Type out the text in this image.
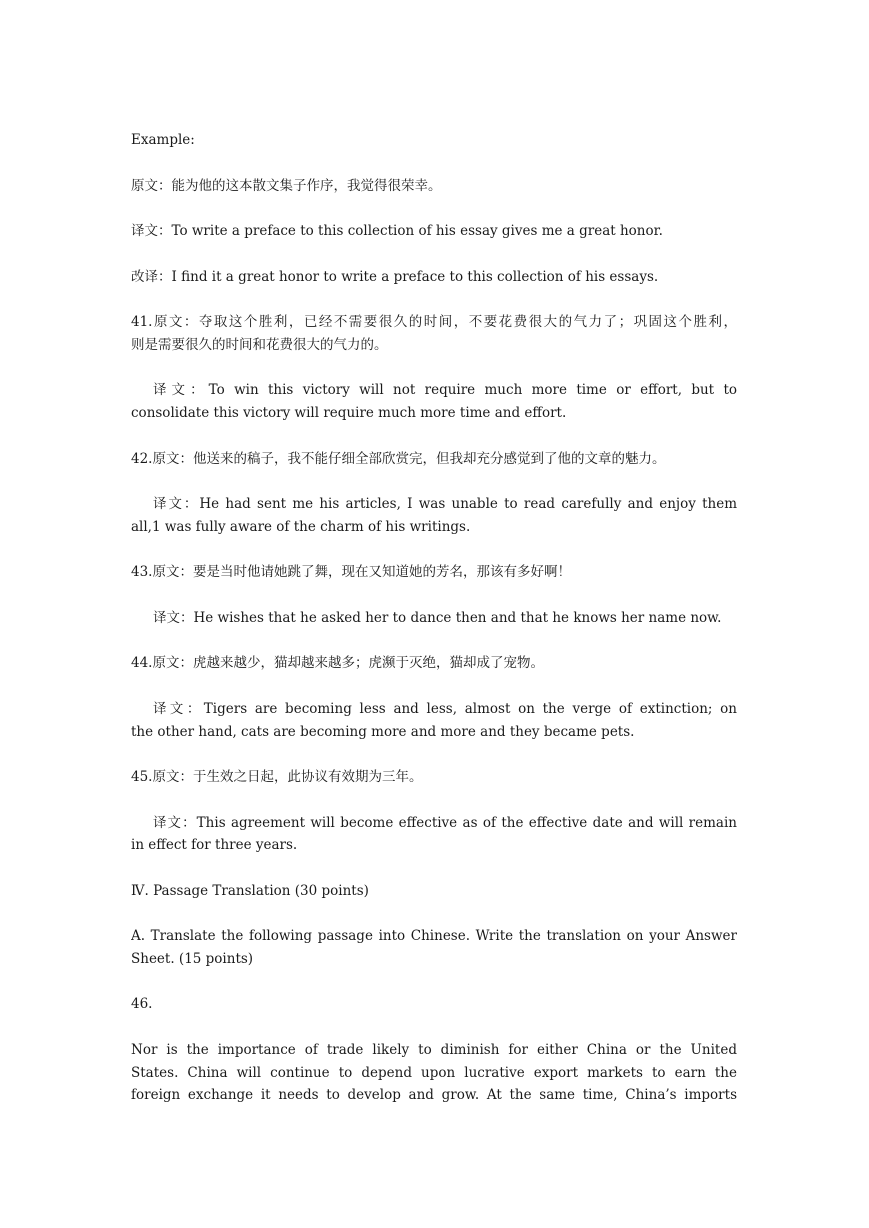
Example:
原文：能为他的这本散文集子作序，我觉得很荣幸。
译文：To write a preface to this collection of his essay gives me a great honor.
改译：I find it a great honor to write a preface to this collection of his essays.
41.原文：夺取这个胜利，已经不需要很久的时间，不要花费很大的气力了；巩固这个胜利，
则是需要很久的时间和花费很大的气力的。
译文：To win this victory will not require much more time or effort, but to
consolidate this victory will require much more time and effort.
42.原文：他送来的稿子，我不能仔细全部欣赏完，但我却充分感觉到了他的文章的魅力。
译文：He had sent me his articles, I was unable to read carefully and enjoy them
all,1 was fully aware of the charm of his writings.
43.原文：要是当时他请她跳了舞，现在又知道她的芳名，那该有多好啊！
译文：He wishes that he asked her to dance then and that he knows her name now.
44.原文：虎越来越少，猫却越来越多；虎濒于灭绝，猫却成了宠物。
译文：Tigers are becoming less and less, almost on the verge of extinction; on
the other hand, cats are becoming more and more and they became pets.
45.原文：于生效之日起，此协议有效期为三年。
译文：This agreement will become effective as of the effective date and will remain
in effect for three years.
Ⅳ. Passage Translation (30 points)
A. Translate the following passage into Chinese. Write the translation on your Answer
Sheet. (15 points)
46.
Nor is the importance of trade likely to diminish for either China or the United
States. China will continue to depend upon lucrative export markets to earn the
foreign exchange it needs to develop and grow. At the same time, China’s imports
